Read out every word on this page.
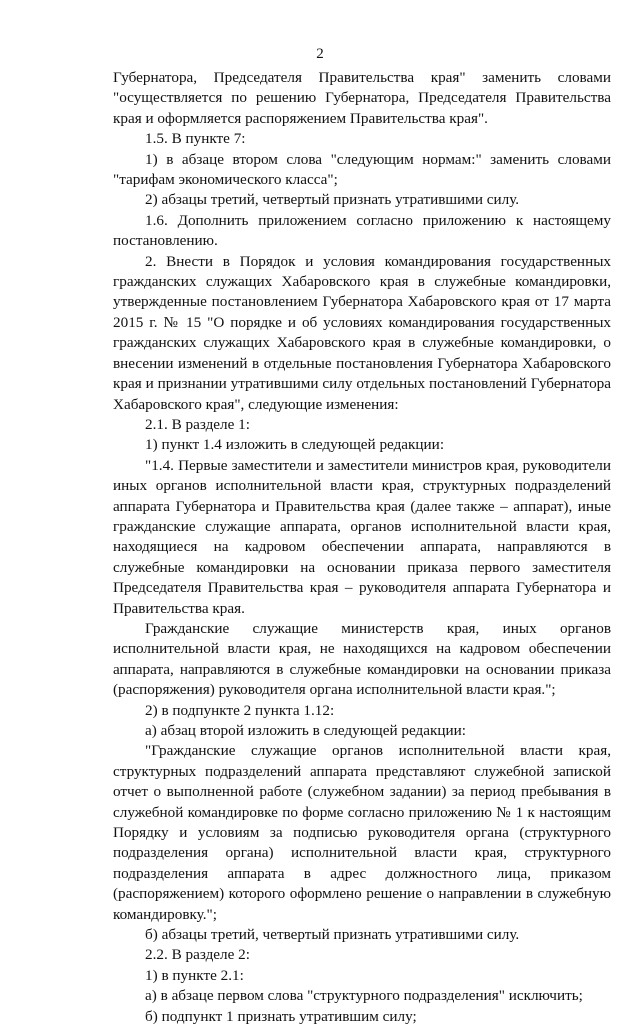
2

Губернатора, Председателя Правительства края" заменить словами "осуществляется по решению Губернатора, Председателя Правительства края и оформляется распоряжением Правительства края".

1.5. В пункте 7:

1) в абзаце втором слова "следующим нормам:" заменить словами "тарифам экономического класса";

2) абзацы третий, четвертый признать утратившими силу.

1.6. Дополнить приложением согласно приложению к настоящему постановлению.

2. Внести в Порядок и условия командирования государственных гражданских служащих Хабаровского края в служебные командировки, утвержденные постановлением Губернатора Хабаровского края от 17 марта 2015 г. № 15 "О порядке и об условиях командирования государственных гражданских служащих Хабаровского края в служебные командировки, о внесении изменений в отдельные постановления Губернатора Хабаровского края и признании утратившими силу отдельных постановлений Губернатора Хабаровского края", следующие изменения:

2.1. В разделе 1:

1) пункт 1.4 изложить в следующей редакции:

"1.4. Первые заместители и заместители министров края, руководители иных органов исполнительной власти края, структурных подразделений аппарата Губернатора и Правительства края (далее также – аппарат), иные гражданские служащие аппарата, органов исполнительной власти края, находящиеся на кадровом обеспечении аппарата, направляются в служебные командировки на основании приказа первого заместителя Председателя Правительства края – руководителя аппарата Губернатора и Правительства края.

Гражданские служащие министерств края, иных органов исполнительной власти края, не находящихся на кадровом обеспечении аппарата, направляются в служебные командировки на основании приказа (распоряжения) руководителя органа исполнительной власти края.";

2) в подпункте 2 пункта 1.12:

а) абзац второй изложить в следующей редакции:

"Гражданские служащие органов исполнительной власти края, структурных подразделений аппарата представляют служебной запиской отчет о выполненной работе (служебном задании) за период пребывания в служебной командировке по форме согласно приложению № 1 к настоящим Порядку и условиям за подписью руководителя органа (структурного подразделения органа) исполнительной власти края, структурного подразделения аппарата в адрес должностного лица, приказом (распоряжением) которого оформлено решение о направлении в служебную командировку.";

б) абзацы третий, четвертый признать утратившими силу.

2.2. В разделе 2:

1) в пункте 2.1:

а) в абзаце первом слова "структурного подразделения" исключить;

б) подпункт 1 признать утратившим силу;
